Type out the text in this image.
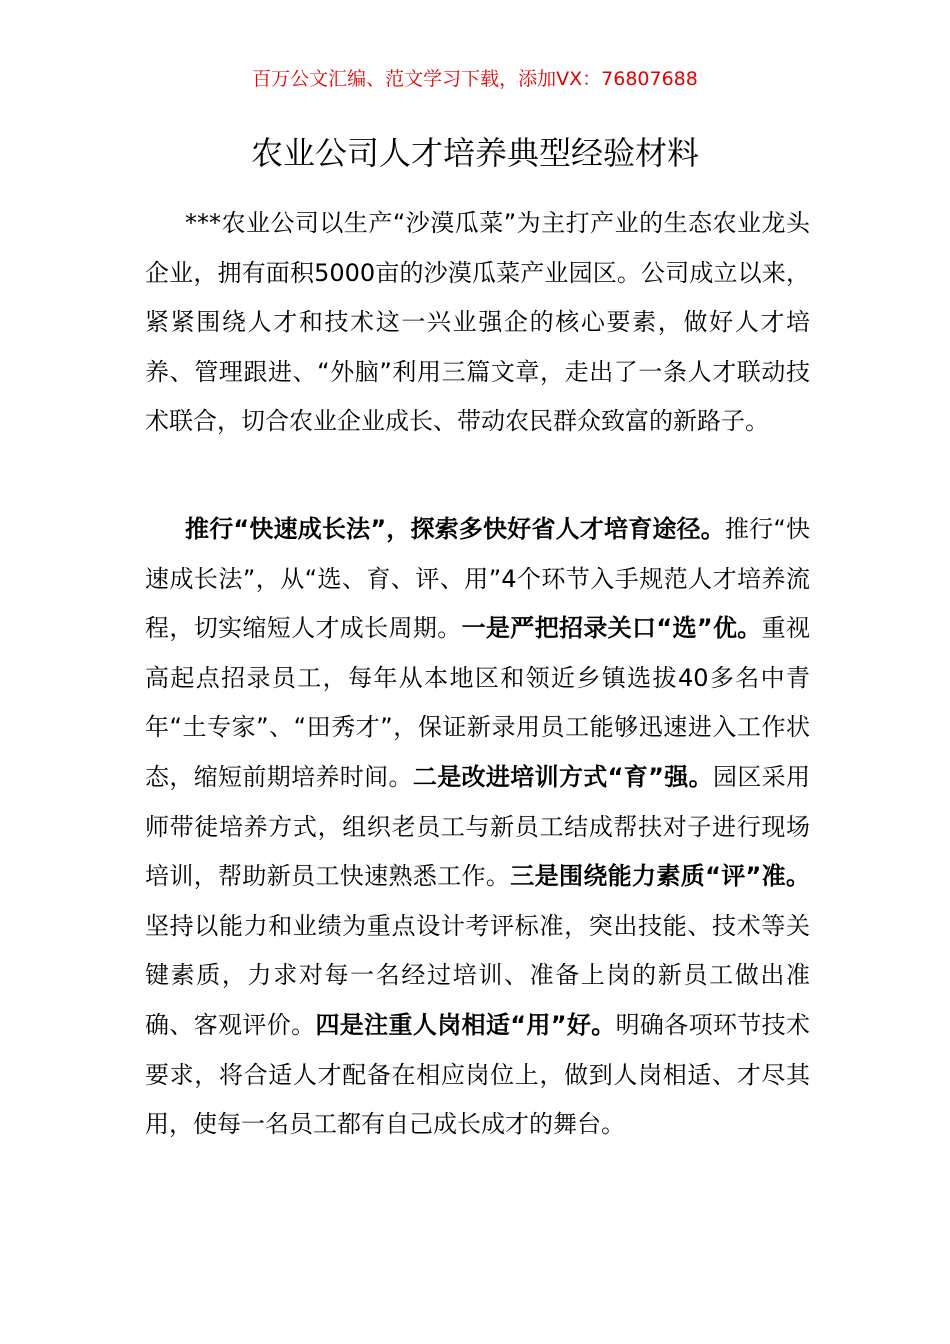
百万公文汇编、范文学习下载，添加VX：76807688
农业公司人才培养典型经验材料

***农业公司以生产“沙漠瓜菜”为主打产业的生态农业龙头企业，拥有面积5000亩的沙漠瓜菜产业园区。公司成立以来，紧紧围绕人才和技术这一兴业强企的核心要素，做好人才培养、管理跟进、“外脑”利用三篇文章，走出了一条人才联动技术联合，切合农业企业成长、带动农民群众致富的新路子。

推行“快速成长法”，探索多快好省人才培育途径。推行“快速成长法”，从“选、育、评、用”4个环节入手规范人才培养流程，切实缩短人才成长周期。一是严把招录关口“选”优。重视高起点招录员工，每年从本地区和领近乡镇选拔40多名中青年“土专家”、“田秀才”，保证新录用员工能够迅速进入工作状态，缩短前期培养时间。二是改进培训方式“育”强。园区采用师带徒培养方式，组织老员工与新员工结成帮扶对子进行现场培训，帮助新员工快速熟悉工作。三是围绕能力素质“评”准。坚持以能力和业绩为重点设计考评标准，突出技能、技术等关键素质，力求对每一名经过培训、准备上岗的新员工做出准确、客观评价。四是注重人岗相适“用”好。明确各项环节技术要求，将合适人才配备在相应岗位上，做到人岗相适、才尽其用，使每一名员工都有自己成长成才的舞台。
